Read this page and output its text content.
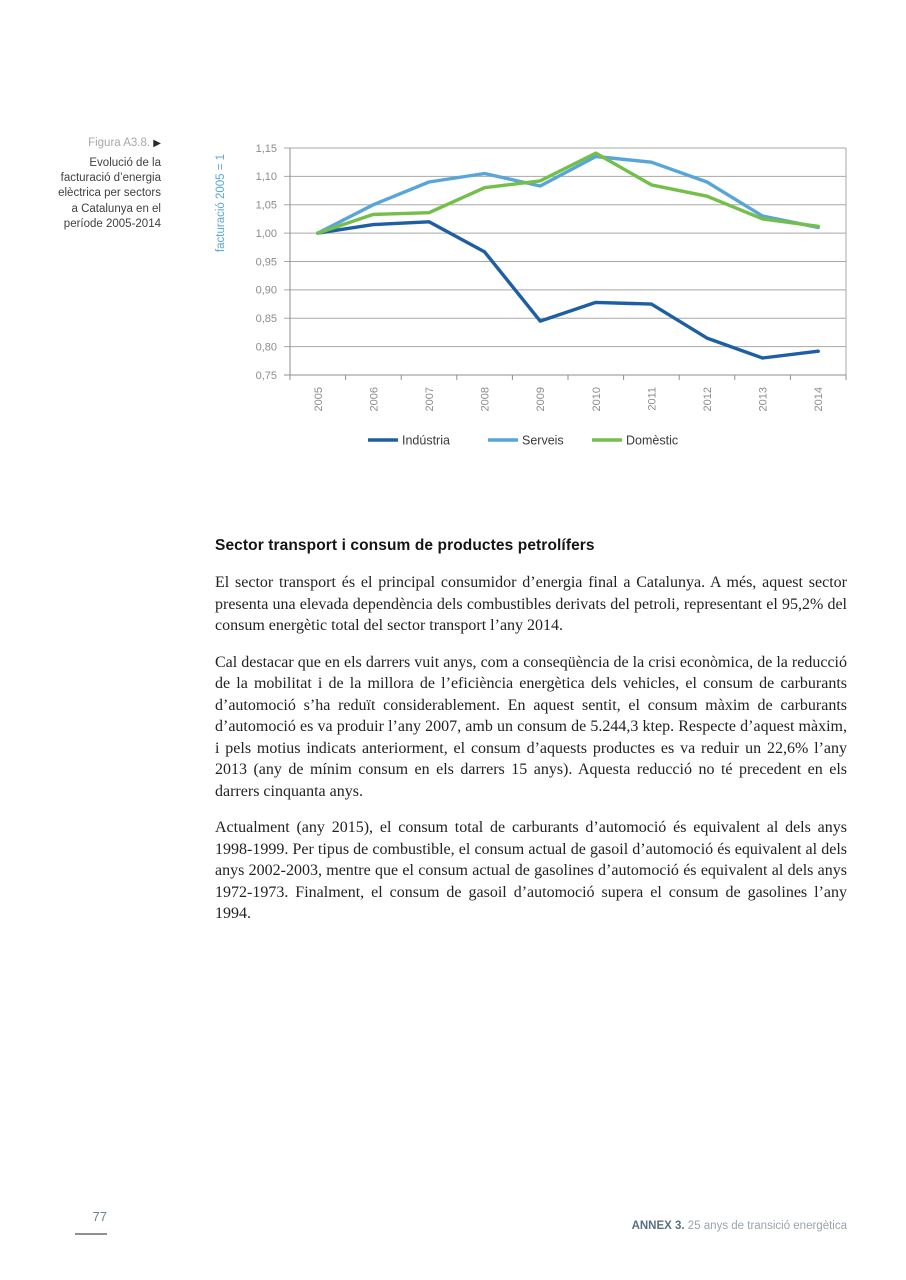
Figura A3.8. ▶
Evolució de la facturació d’energia elèctrica per sectors a Catalunya en el període 2005-2014
1,15
1,10
1,05
1,00
0,95
0,90
0,85
0,80
0,75
2005	2006	2007	2008	2009	2010	2011	2012	2013	2014
facturació 2005 = 1
Indústria	Serveis	Domèstic
Sector transport i consum de productes petrolífers

El sector transport és el principal consumidor d’energia final a Catalunya. A més, aquest sector presenta una elevada dependència dels combustibles derivats del petroli, representant el 95,2% del consum energètic total del sector transport l’any 2014.

Cal destacar que en els darrers vuit anys, com a conseqüència de la crisi econòmica, de la reducció de la mobilitat i de la millora de l’eficiència energètica dels vehicles, el consum de carburants d’automoció s’ha reduït considerablement. En aquest sentit, el consum màxim de carburants d’automoció es va produir l’any 2007, amb un consum de 5.244,3 ktep. Respecte d’aquest màxim, i pels motius indicats anteriorment, el consum d’aquests productes es va reduir un 22,6% l’any 2013 (any de mínim consum en els darrers 15 anys). Aquesta reducció no té precedent en els darrers cinquanta anys.

Actualment (any 2015), el consum total de carburants d’automoció és equivalent al dels anys 1998-1999. Per tipus de combustible, el consum actual de gasoil d’automoció és equivalent al dels anys 2002-2003, mentre que el consum actual de gasolines d’automoció és equivalent al dels anys 1972-1973. Finalment, el consum de gasoil d’automoció supera el consum de gasolines l’any 1994.

77
ANNEX 3. 25 anys de transició energètica
